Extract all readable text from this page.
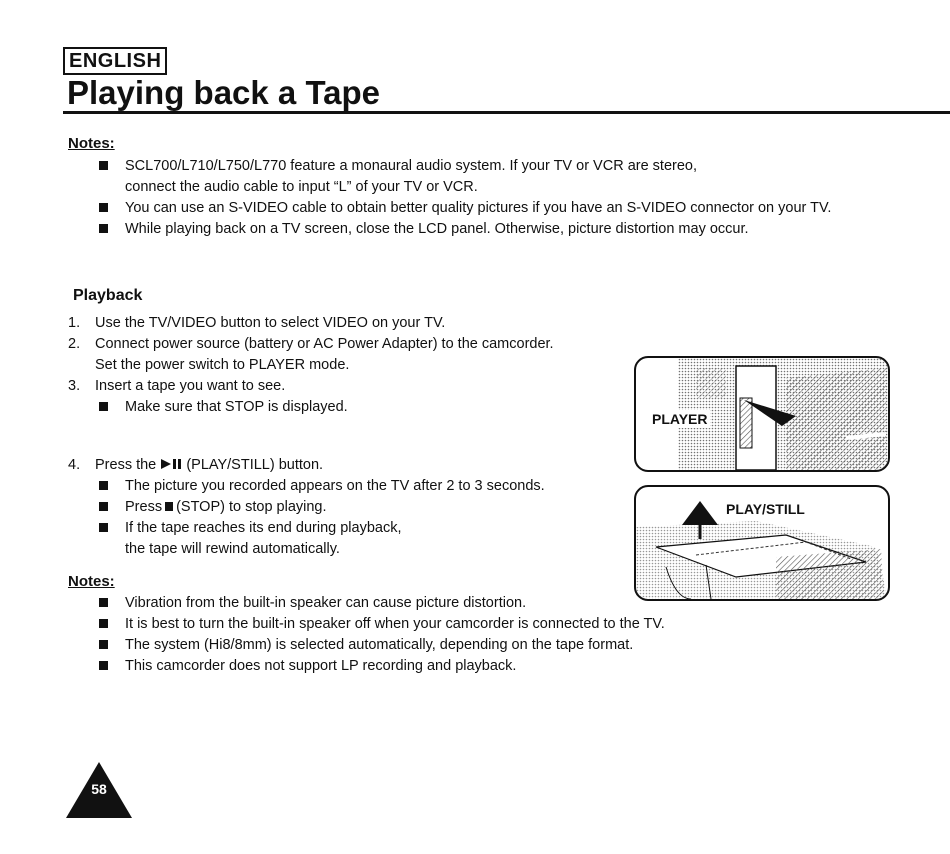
ENGLISH
Playing back a Tape
Notes:
SCL700/L710/L750/L770 feature a monaural audio system. If your TV or VCR are stereo,
connect the audio cable to input “L” of your TV or VCR.
You can use an S-VIDEO cable to obtain better quality pictures if you have an S-VIDEO connector on your TV.
While playing back on a TV screen, close the LCD panel. Otherwise, picture distortion may occur.
Playback
1. Use the TV/VIDEO button to select VIDEO on your TV.
2. Connect power source (battery or AC Power Adapter) to the camcorder.
Set the power switch to PLAYER mode.
3. Insert a tape you want to see.
Make sure that STOP is displayed.
4. Press the (PLAY/STILL) button.
The picture you recorded appears on the TV after 2 to 3 seconds.
Press (STOP) to stop playing.
If the tape reaches its end during playback,
the tape will rewind automatically.
Notes:
Vibration from the built-in speaker can cause picture distortion.
It is best to turn the built-in speaker off when your camcorder is connected to the TV.
The system (Hi8/8mm) is selected automatically, depending on the tape format.
This camcorder does not support LP recording and playback.
PLAYER
PLAY/STILL
58
